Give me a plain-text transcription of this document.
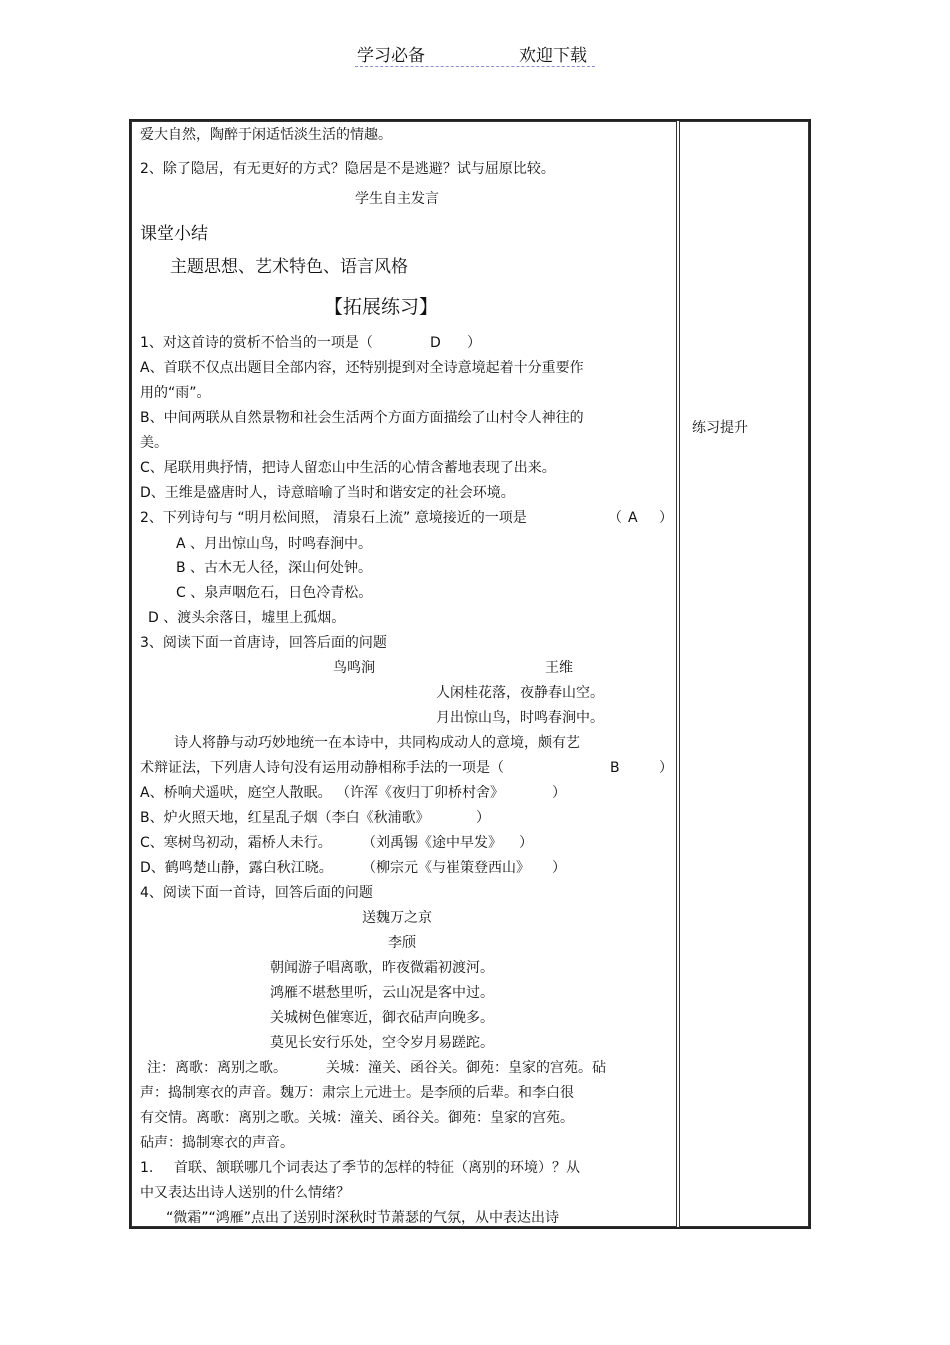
学习必备	欢迎下载
练习提升
爱大自然，陶醉于闲适恬淡生活的情趣。
2、除了隐居，有无更好的方式？隐居是不是逃避？试与屈原比较。
学生自主发言
课堂小结
主题思想、艺术特色、语言风格
【拓展练习】
1、对这首诗的赏析不恰当的一项是（	D ）
A、首联不仅点出题目全部内容，还特别提到对全诗意境起着十分重要作
用的“雨”。
B、中间两联从自然景物和社会生活两个方面方面描绘了山村令人神往的
美。
C、尾联用典抒情，把诗人留恋山中生活的心情含蓄地表现了出来。
D、王维是盛唐时人，诗意暗喻了当时和谐安定的社会环境。
2、下列诗句与 “明月松间照， 清泉石上流” 意境接近的一项是	（ A ）
A 、月出惊山鸟，时鸣春涧中。
B 、古木无人径，深山何处钟。
C 、泉声咽危石，日色冷青松。
D 、渡头余落日，墟里上孤烟。
3、阅读下面一首唐诗，回答后面的问题
鸟鸣涧	王维
人闲桂花落，夜静春山空。
月出惊山鸟，时鸣春涧中。
诗人将静与动巧妙地统一在本诗中，共同构成动人的意境，颇有艺
术辩证法，下列唐人诗句没有运用动静相称手法的一项是（	B	）
A、桥响犬遥吠，庭空人散眠。 （许浑《夜归丁卯桥村舍》	）
B、炉火照天地，红星乱子烟（李白《秋浦歌》	）
C、寒树鸟初动，霜桥人未行。 （刘禹锡《途中早发》 ）
D、鹤鸣楚山静，露白秋江晓。 （柳宗元《与崔策登西山》 ）
4、阅读下面一首诗，回答后面的问题
送魏万之京
李颀
朝闻游子唱离歌，昨夜微霜初渡河。
鸿雁不堪愁里听，云山况是客中过。
关城树色催寒近，御衣砧声向晚多。
莫见长安行乐处，空令岁月易蹉跎。
注：离歌：离别之歌。	关城：潼关、函谷关。御苑：皇家的宫苑。砧
声：捣制寒衣的声音。魏万：肃宗上元进士。是李颀的后辈。和李白很
有交情。离歌：离别之歌。关城：潼关、函谷关。御苑：皇家的宫苑。
砧声：捣制寒衣的声音。
1. 首联、颔联哪几个词表达了季节的怎样的特征（离别的环境）？从
中又表达出诗人送别的什么情绪？
“微霜”“鸿雁”点出了送别时深秋时节萧瑟的气氛，从中表达出诗
